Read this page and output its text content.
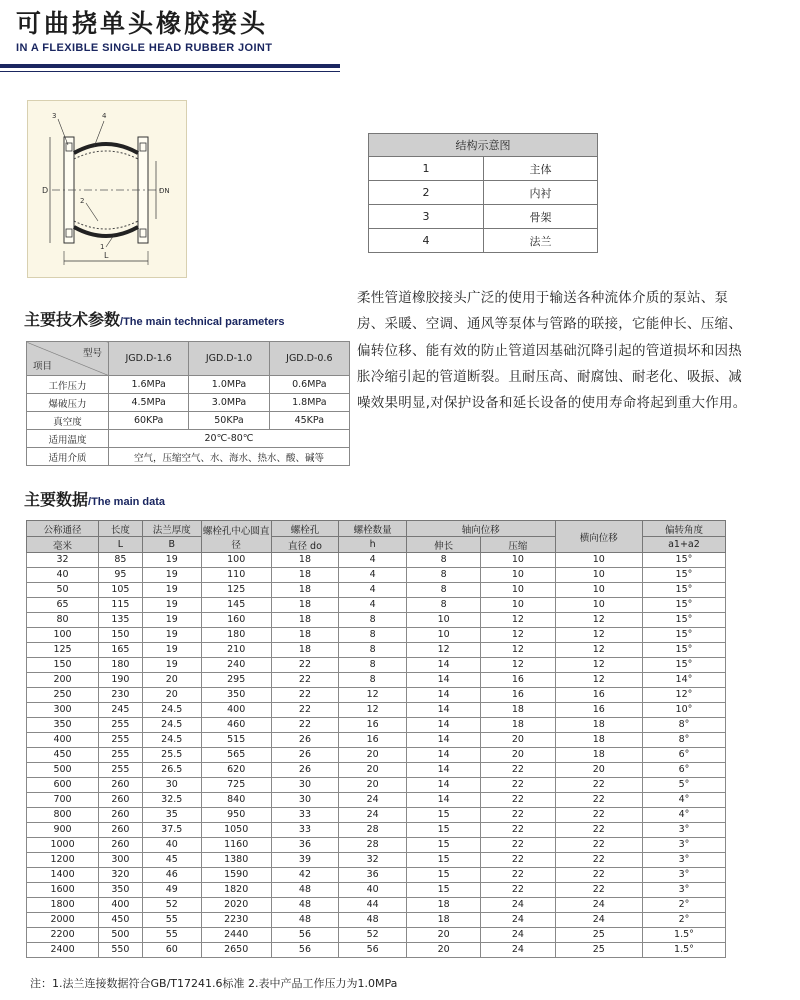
可曲挠单头橡胶接头
IN A FLEXIBLE SINGLE HEAD RUBBER JOINT
D	DN
L
3	4
2
1
结构示意图	
1	主体
2	内衬
3	骨架
4	法兰
主要技术参数/The main technical parameters
柔性管道橡胶接头广泛的使用于输送各种流体介质的泵站、泵房、采暖、空调、通风等泵体与管路的联接，它能伸长、压缩、偏转位移、能有效的防止管道因基础沉降引起的管道损坏和因热胀冷缩引起的管道断裂。且耐压高、耐腐蚀、耐老化、吸振、减噪效果明显,对保护设备和延长设备的使用寿命将起到重大作用。
型号
项目	JGD.D-1.6	JGD.D-1.0	JGD.D-0.6
工作压力	1.6MPa	1.0MPa	0.6MPa
爆破压力	4.5MPa	3.0MPa	1.8MPa
真空度	60KPa	50KPa	45KPa
适用温度	20℃-80℃		
适用介质	空气，压缩空气、水、海水、热水、酸、碱等		
主要数据/The main data
公称通径	长度	法兰厚度	螺栓孔中心圆直径	螺栓孔	螺栓数量	轴向位移		横向位移	偏转角度
毫米	L	B		直径 do	h	伸长	压缩		a1+a2
32	85	19	100	18	4	8	10	10	15°
40	95	19	110	18	4	8	10	10	15°
50	105	19	125	18	4	8	10	10	15°
65	115	19	145	18	4	8	10	10	15°
80	135	19	160	18	8	10	12	12	15°
100	150	19	180	18	8	10	12	12	15°
125	165	19	210	18	8	12	12	12	15°
150	180	19	240	22	8	14	12	12	15°
200	190	20	295	22	8	14	16	12	14°
250	230	20	350	22	12	14	16	16	12°
300	245	24.5	400	22	12	14	18	16	10°
350	255	24.5	460	22	16	14	18	18	8°
400	255	24.5	515	26	16	14	20	18	8°
450	255	25.5	565	26	20	14	20	18	6°
500	255	26.5	620	26	20	14	22	20	6°
600	260	30	725	30	20	14	22	22	5°
700	260	32.5	840	30	24	14	22	22	4°
800	260	35	950	33	24	15	22	22	4°
900	260	37.5	1050	33	28	15	22	22	3°
1000	260	40	1160	36	28	15	22	22	3°
1200	300	45	1380	39	32	15	22	22	3°
1400	320	46	1590	42	36	15	22	22	3°
1600	350	49	1820	48	40	15	22	22	3°
1800	400	52	2020	48	44	18	24	24	2°
2000	450	55	2230	48	48	18	24	24	2°
2200	500	55	2440	56	52	20	24	25	1.5°
2400	550	60	2650	56	56	20	24	25	1.5°
注：1.法兰连接数据符合GB/T17241.6标准 2.表中产品工作压力为1.0MPa
